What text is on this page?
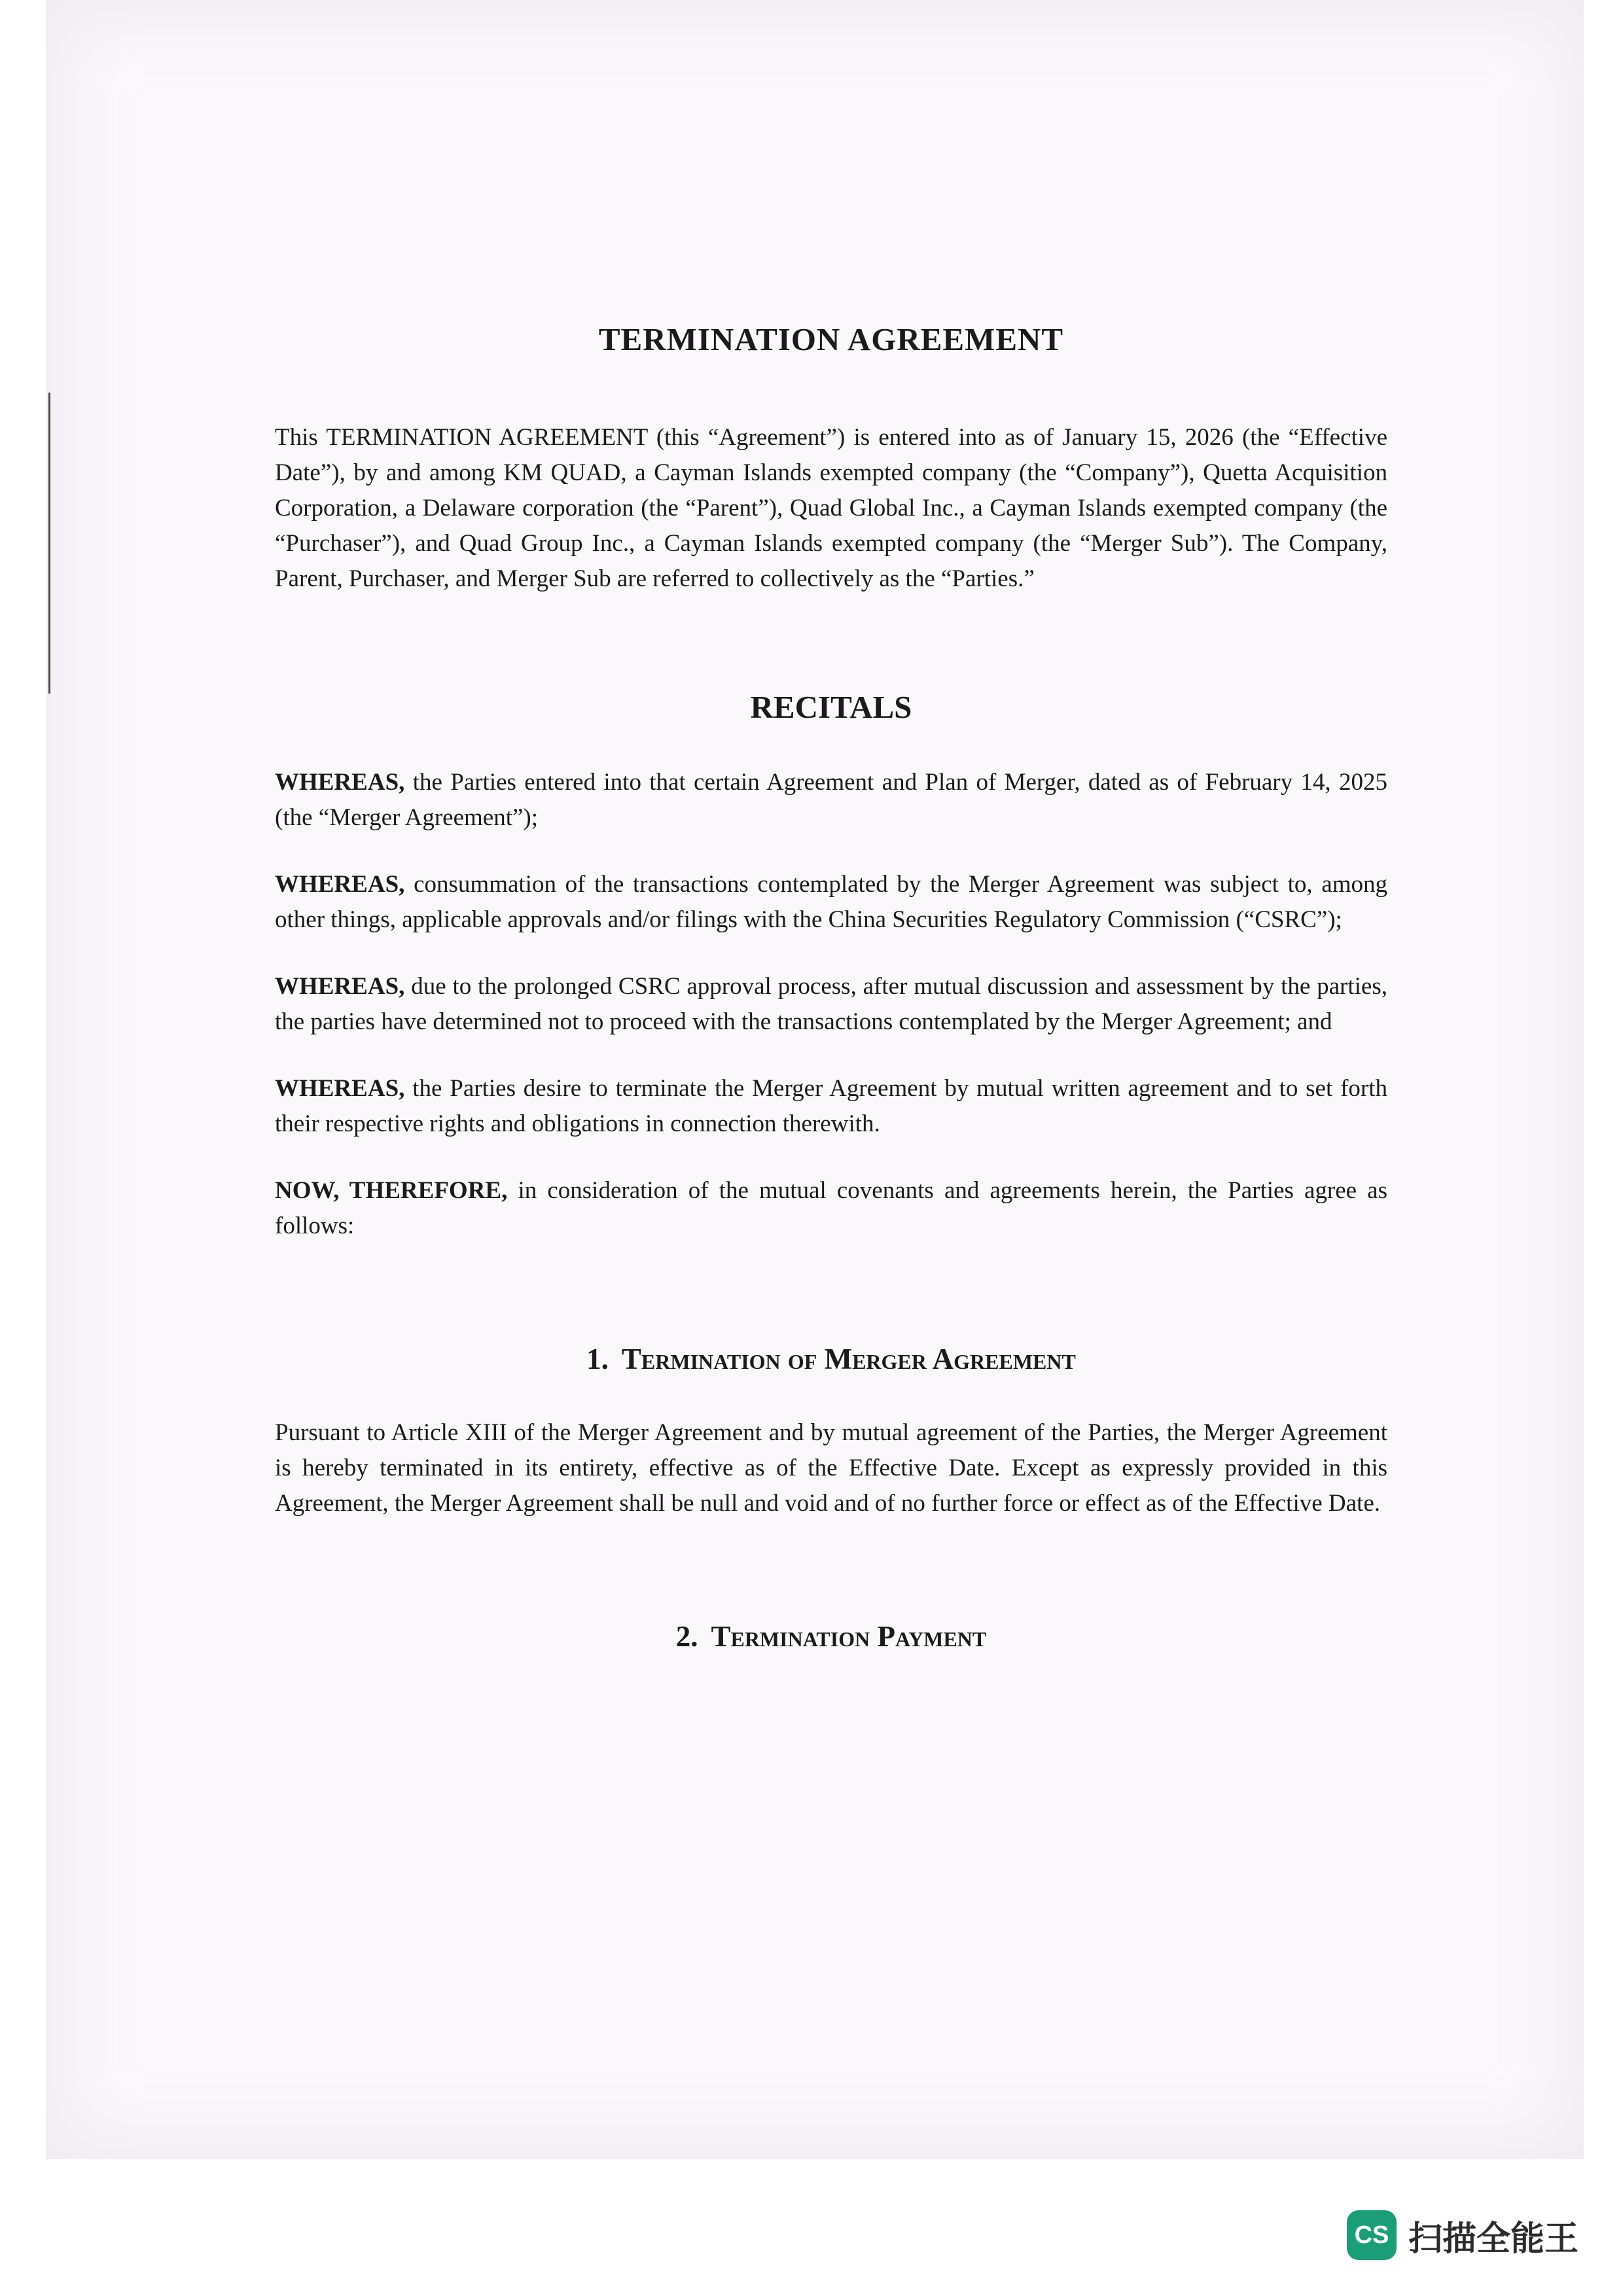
TERMINATION AGREEMENT

This TERMINATION AGREEMENT (this “Agreement”) is entered into as of January 15, 2026 (the “Effective Date”), by and among KM QUAD, a Cayman Islands exempted company (the “Company”), Quetta Acquisition Corporation, a Delaware corporation (the “Parent”), Quad Global Inc., a Cayman Islands exempted company (the “Purchaser”), and Quad Group Inc., a Cayman Islands exempted company (the “Merger Sub”). The Company, Parent, Purchaser, and Merger Sub are referred to collectively as the “Parties.”

RECITALS

WHEREAS, the Parties entered into that certain Agreement and Plan of Merger, dated as of February 14, 2025 (the “Merger Agreement”);

WHEREAS, consummation of the transactions contemplated by the Merger Agreement was subject to, among other things, applicable approvals and/or filings with the China Securities Regulatory Commission (“CSRC”);

WHEREAS, due to the prolonged CSRC approval process, after mutual discussion and assessment by the parties, the parties have determined not to proceed with the transactions contemplated by the Merger Agreement; and

WHEREAS, the Parties desire to terminate the Merger Agreement by mutual written agreement and to set forth their respective rights and obligations in connection therewith.

NOW, THEREFORE, in consideration of the mutual covenants and agreements herein, the Parties agree as follows:

1. Termination of Merger Agreement

Pursuant to Article XIII of the Merger Agreement and by mutual agreement of the Parties, the Merger Agreement is hereby terminated in its entirety, effective as of the Effective Date. Except as expressly provided in this Agreement, the Merger Agreement shall be null and void and of no further force or effect as of the Effective Date.

2. Termination Payment
CS 扫描全能王
